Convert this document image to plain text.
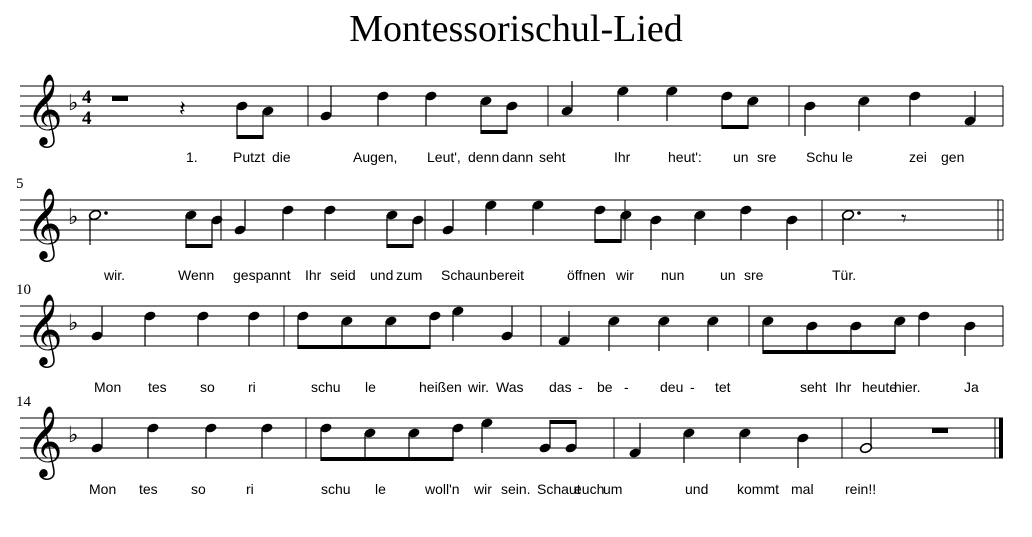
Montessorischul-Lied
𝄞 ♭ 4
4	𝄽
1.	Putzt die	Augen, Leut', denn dann seht	Ihr	heut': un sre Schu le	zei gen
𝄞 ♭	𝄾
wir.	Wenn gespannt Ihr seid und zum Schaun bereit	öffnen wir nun	un sre	Tür.
5
𝄞 ♭
Mon tes so ri	schu le	heißen wir. Was das - be - deu - tet	seht Ihr heute
hier.	Ja
10
𝄞 ♭
Mon tes so	ri	schu le	woll'n wir sein. Schaut
euch
um	und kommt mal rein!!
14
